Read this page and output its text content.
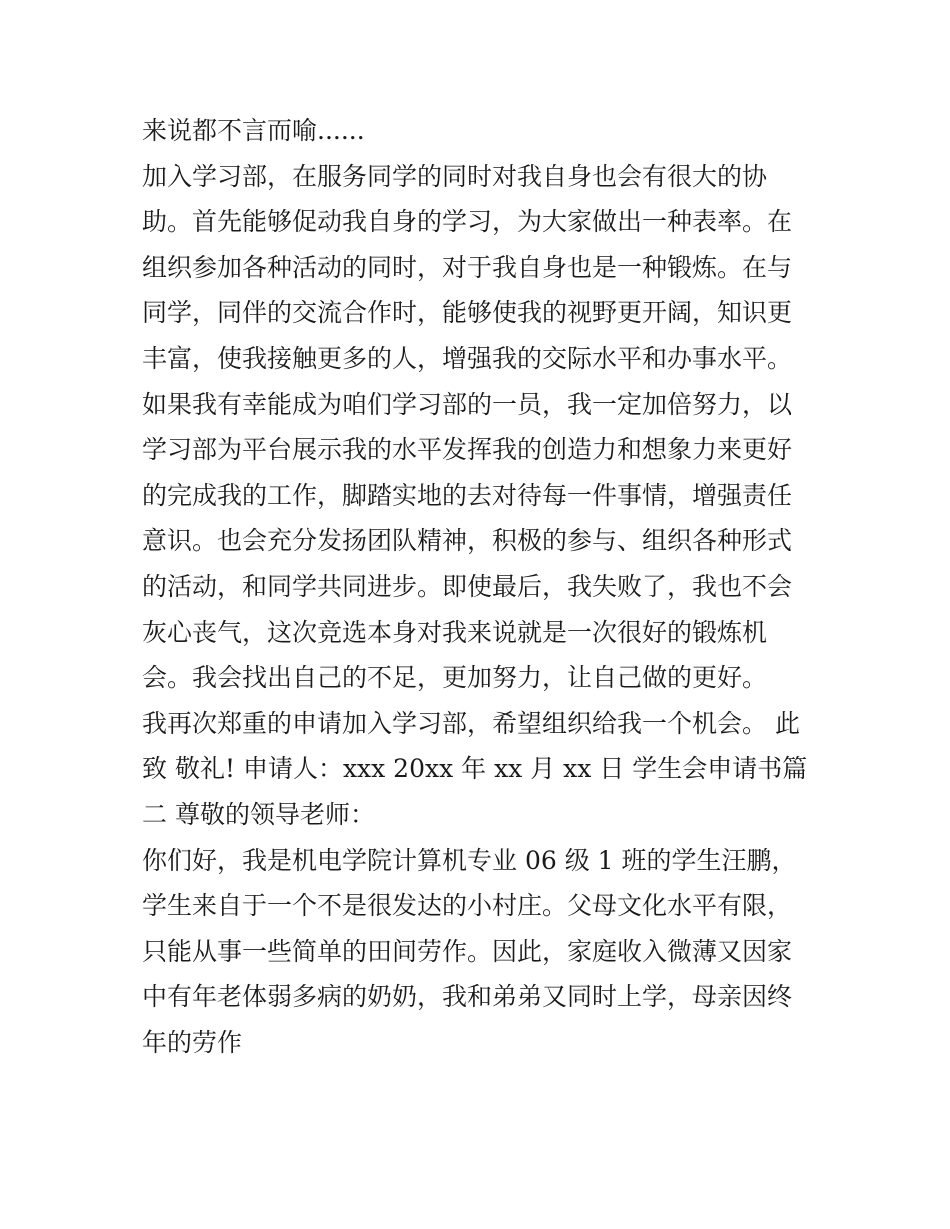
来说都不言而喻......

加入学习部，在服务同学的同时对我自身也会有很大的协助。首先能够促动我自身的学习，为大家做出一种表率。在组织参加各种活动的同时，对于我自身也是一种锻炼。在与同学，同伴的交流合作时，能够使我的视野更开阔，知识更丰富，使我接触更多的人，增强我的交际水平和办事水平。

如果我有幸能成为咱们学习部的一员，我一定加倍努力，以学习部为平台展示我的水平发挥我的创造力和想象力来更好的完成我的工作，脚踏实地的去对待每一件事情，增强责任意识。也会充分发扬团队精神，积极的参与、组织各种形式的活动，和同学共同进步。即使最后，我失败了，我也不会灰心丧气，这次竞选本身对我来说就是一次很好的锻炼机会。我会找出自己的不足，更加努力，让自己做的更好。

我再次郑重的申请加入学习部，希望组织给我一个机会。 此致 敬礼! 申请人：xxx 20xx 年 xx 月 xx 日 学生会申请书篇二 尊敬的领导老师：

你们好，我是机电学院计算机专业 06 级 1 班的学生汪鹏，学生来自于一个不是很发达的小村庄。父母文化水平有限，只能从事一些简单的田间劳作。因此，家庭收入微薄又因家中有年老体弱多病的奶奶，我和弟弟又同时上学，母亲因终年的劳作
